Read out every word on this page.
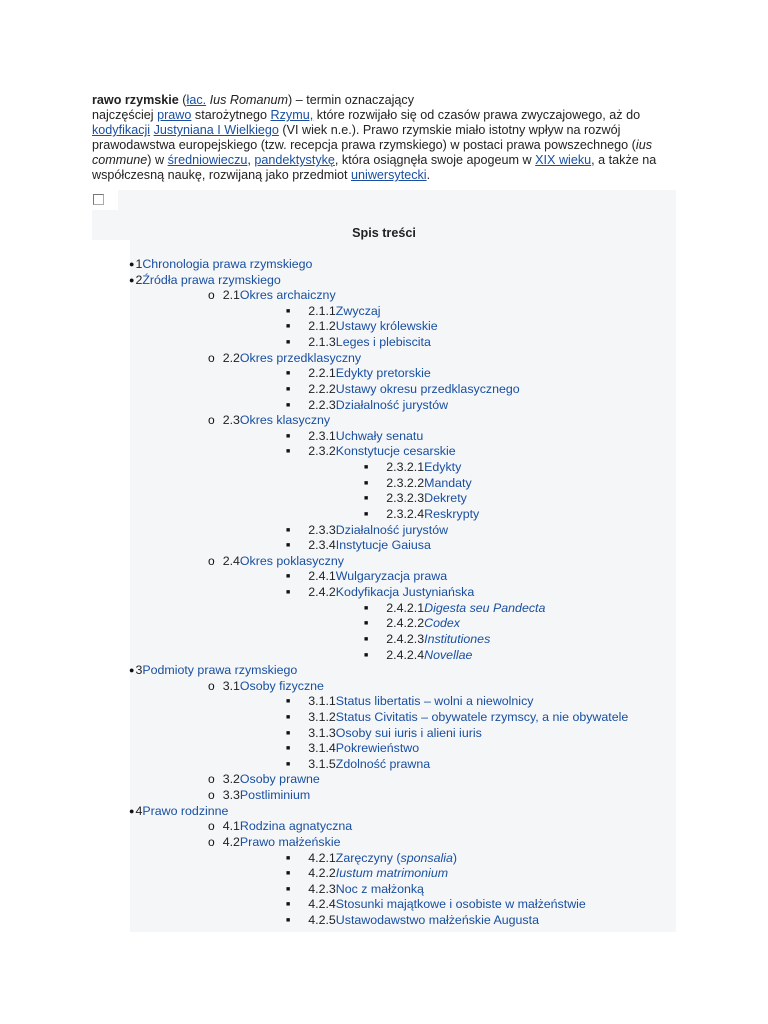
rawo rzymskie (łac. Ius Romanum) – termin oznaczający
najczęściej prawo starożytnego Rzymu, które rozwijało się od czasów prawa zwyczajowego, aż do kodyfikacji Justyniana I Wielkiego (VI wiek n.e.). Prawo rzymskie miało istotny wpływ na rozwój prawodawstwa europejskiego (tzw. recepcja prawa rzymskiego) w postaci prawa powszechnego (ius commune) w średniowieczu, pandektystykę, która osiągnęła swoje apogeum w XIX wieku, a także na współczesną naukę, rozwijaną jako przedmiot uniwersytecki.

Spis treści
●1Chronologia prawa rzymskiego
●2Źródła prawa rzymskiego
o 2.1Okres archaiczny
■ 2.1.1Zwyczaj
■ 2.1.2Ustawy królewskie
■ 2.1.3Leges i plebiscita
o 2.2Okres przedklasyczny
■ 2.2.1Edykty pretorskie
■ 2.2.2Ustawy okresu przedklasycznego
■ 2.2.3Działalność jurystów
o 2.3Okres klasyczny
■ 2.3.1Uchwały senatu
■ 2.3.2Konstytucje cesarskie
■ 2.3.2.1Edykty
■ 2.3.2.2Mandaty
■ 2.3.2.3Dekrety
■ 2.3.2.4Reskrypty
■ 2.3.3Działalność jurystów
■ 2.3.4Instytucje Gaiusa
o 2.4Okres poklasyczny
■ 2.4.1Wulgaryzacja prawa
■ 2.4.2Kodyfikacja Justyniańska
■ 2.4.2.1Digesta seu Pandecta
■ 2.4.2.2Codex
■ 2.4.2.3Institutiones
■ 2.4.2.4Novellae
●3Podmioty prawa rzymskiego
o 3.1Osoby fizyczne
■ 3.1.1Status libertatis – wolni a niewolnicy
■ 3.1.2Status Civitatis – obywatele rzymscy, a nie obywatele
■ 3.1.3Osoby sui iuris i alieni iuris
■ 3.1.4Pokrewieństwo
■ 3.1.5Zdolność prawna
o 3.2Osoby prawne
o 3.3Postliminium
●4Prawo rodzinne
o 4.1Rodzina agnatyczna
o 4.2Prawo małżeńskie
■ 4.2.1Zaręczyny (sponsalia)
■ 4.2.2Iustum matrimonium
■ 4.2.3Noc z małżonką
■ 4.2.4Stosunki majątkowe i osobiste w małżeństwie
■ 4.2.5Ustawodawstwo małżeńskie Augusta
